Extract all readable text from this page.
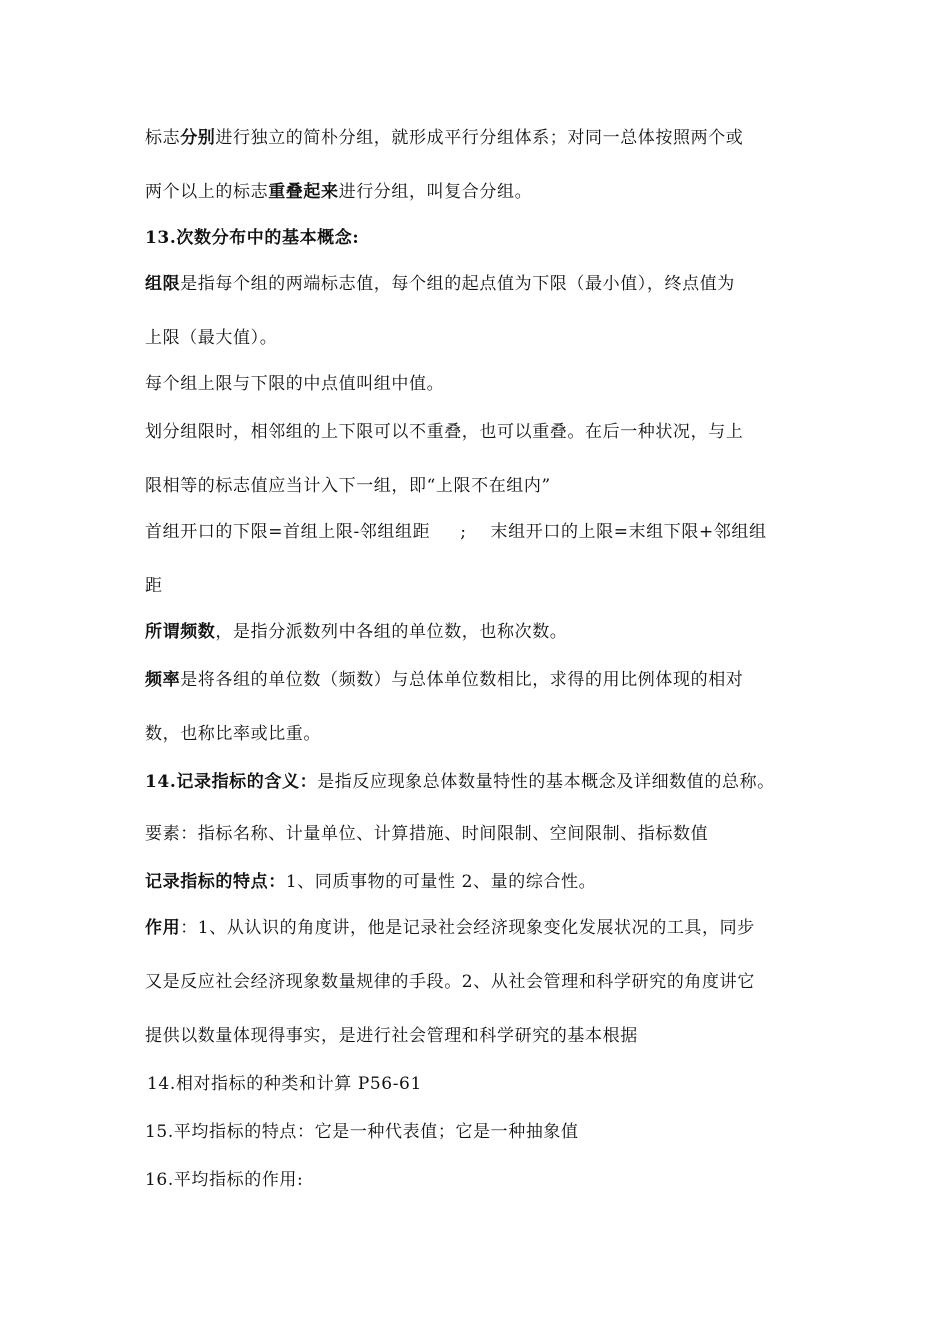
标志分别进行独立的简朴分组，就形成平行分组体系；对同一总体按照两个或
两个以上的标志重叠起来进行分组，叫复合分组。
13.次数分布中的基本概念:
组限是指每个组的两端标志值，每个组的起点值为下限（最小值），终点值为
上限（最大值）。
每个组上限与下限的中点值叫组中值。
划分组限时，相邻组的上下限可以不重叠，也可以重叠。在后一种状况，与上
限相等的标志值应当计入下一组，即“上限不在组内”
首组开口的下限=首组上限-邻组组距     ;    末组开口的上限=末组下限+邻组组
距
所谓频数，是指分派数列中各组的单位数，也称次数。
频率是将各组的单位数（频数）与总体单位数相比，求得的用比例体现的相对
数，也称比率或比重。
14.记录指标的含义：是指反应现象总体数量特性的基本概念及详细数值的总称。
要素：指标名称、计量单位、计算措施、时间限制、空间限制、指标数值
记录指标的特点：1、同质事物的可量性 2、量的综合性。
作用：1、从认识的角度讲，他是记录社会经济现象变化发展状况的工具，同步
又是反应社会经济现象数量规律的手段。2、从社会管理和科学研究的角度讲它
提供以数量体现得事实，是进行社会管理和科学研究的基本根据
14.相对指标的种类和计算 P56-61
15.平均指标的特点：它是一种代表值；它是一种抽象值
16.平均指标的作用:
